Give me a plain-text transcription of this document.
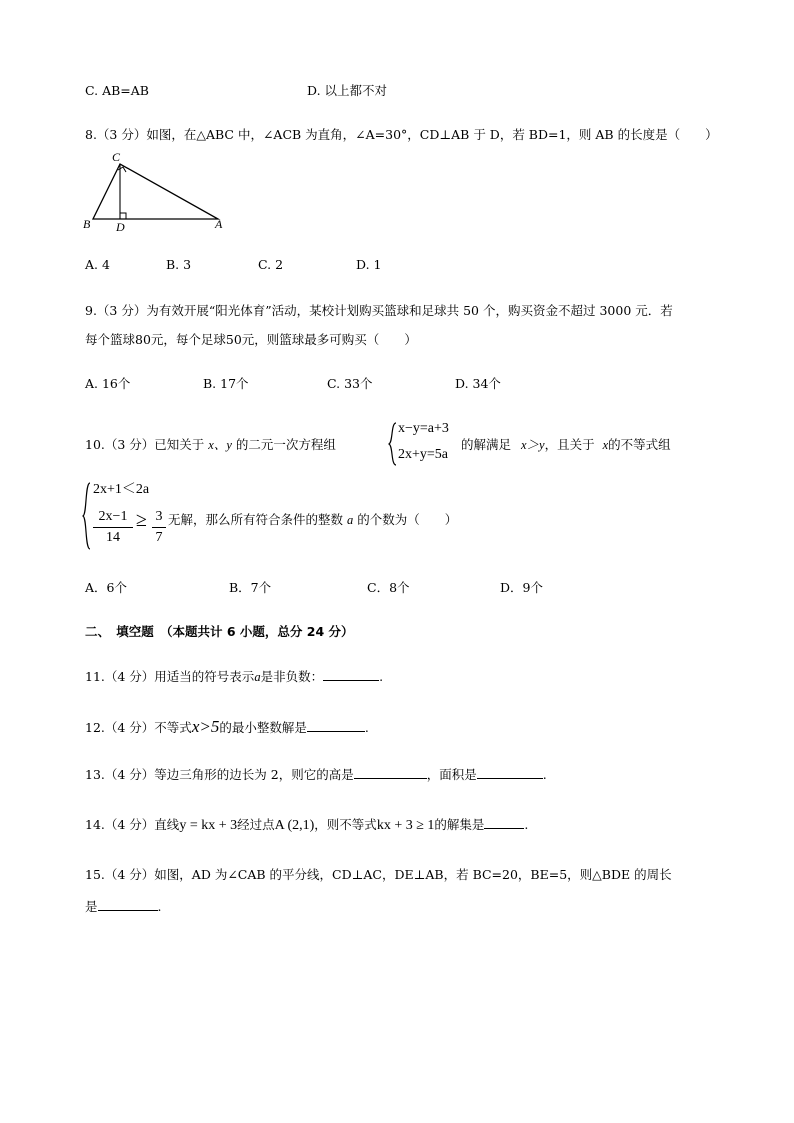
C. AB=AB	D. 以上都不对
8.（3 分）如图，在△ABC 中，∠ACB 为直角，∠A=30°，CD⊥AB 于 D，若 BD=1，则 AB 的长度是（　　）
C
B D	A
A. 4	B. 3	C. 2	D. 1
9.（3 分）为有效开展“阳光体育”活动，某校计划购买篮球和足球共 50 个，购买资金不超过 3000 元．若
每个篮球80元，每个足球50元，则篮球最多可购买（　　）
A. 16个	B. 17个	C. 33个	D. 34个
10.（3 分）已知关于 x、y 的二元一次方程组
x−y=a+3
2x+y=5a
的解满足 x＞y，且关于 x的不等式组
2x+1＜2a
2x−1
14
≥ 3
7
无解，那么所有符合条件的整数 a 的个数为（　　）
A．6个	B．7个	C．8个	D．9个
二、　填空题　（本题共计 6 小题，总分 24 分）
11.（4 分）用适当的符号表示a是非负数：	.
12.（4 分）不等式x>5的最小整数解是	.
13.（4 分）等边三角形的边长为 2，则它的高是	，面积是	.
14.（4 分）直线y = kx + 3经过点A (2,1)，则不等式kx + 3 ≥ 1的解集是	.
15.（4 分）如图，AD 为∠CAB 的平分线，CD⊥AC，DE⊥AB，若 BC=20，BE=5，则△BDE 的周长
是	.
